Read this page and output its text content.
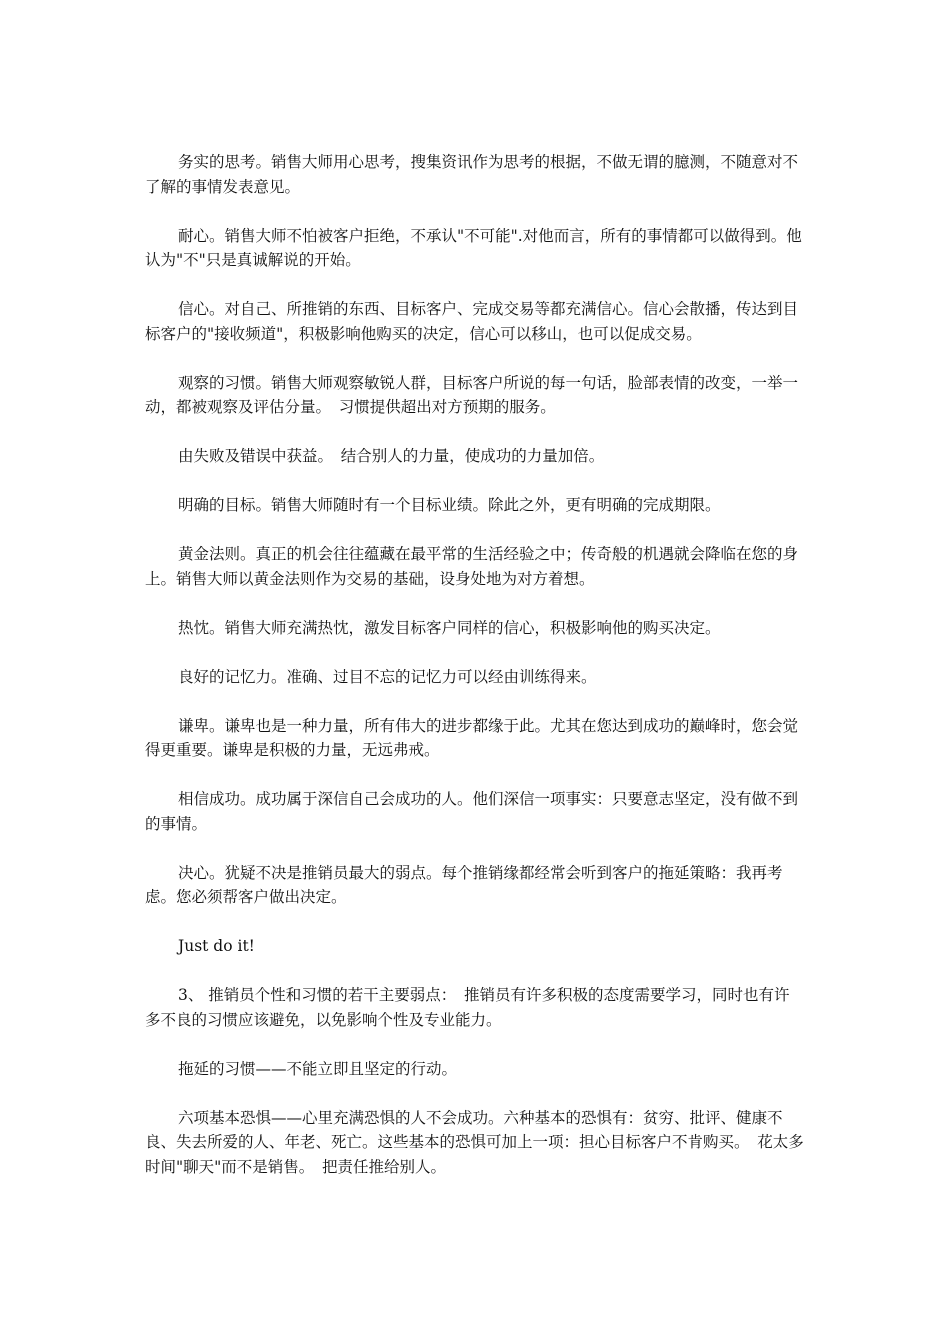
务实的思考。销售大师用心思考，搜集资讯作为思考的根据，不做无谓的臆测，不随意对不了解的事情发表意见。

耐心。销售大师不怕被客户拒绝，不承认"不可能".对他而言，所有的事情都可以做得到。他认为"不"只是真诚解说的开始。

信心。对自己、所推销的东西、目标客户、完成交易等都充满信心。信心会散播，传达到目标客户的"接收频道"，积极影响他购买的决定，信心可以移山，也可以促成交易。

观察的习惯。销售大师观察敏锐人群，目标客户所说的每一句话，脸部表情的改变，一举一动，都被观察及评估分量。　习惯提供超出对方预期的服务。

由失败及错误中获益。　结合别人的力量，使成功的力量加倍。

明确的目标。销售大师随时有一个目标业绩。除此之外，更有明确的完成期限。

黄金法则。真正的机会往往蕴藏在最平常的生活经验之中；传奇般的机遇就会降临在您的身上。销售大师以黄金法则作为交易的基础，设身处地为对方着想。

热忱。销售大师充满热忱，激发目标客户同样的信心，积极影响他的购买决定。

良好的记忆力。准确、过目不忘的记忆力可以经由训练得来。

谦卑。谦卑也是一种力量，所有伟大的进步都缘于此。尤其在您达到成功的巅峰时，您会觉得更重要。谦卑是积极的力量，无远弗戒。

相信成功。成功属于深信自己会成功的人。他们深信一项事实：只要意志坚定，没有做不到的事情。

决心。犹疑不决是推销员最大的弱点。每个推销缘都经常会听到客户的拖延策略：我再考虑。您必须帮客户做出决定。

Just do it!

3、 推销员个性和习惯的若干主要弱点：　推销员有许多积极的态度需要学习，同时也有许多不良的习惯应该避免，以免影响个性及专业能力。

拖延的习惯——不能立即且坚定的行动。

六项基本恐惧——心里充满恐惧的人不会成功。六种基本的恐惧有：贫穷、批评、健康不良、失去所爱的人、年老、死亡。这些基本的恐惧可加上一项：担心目标客户不肯购买。　花太多时间"聊天"而不是销售。　把责任推给别人。
